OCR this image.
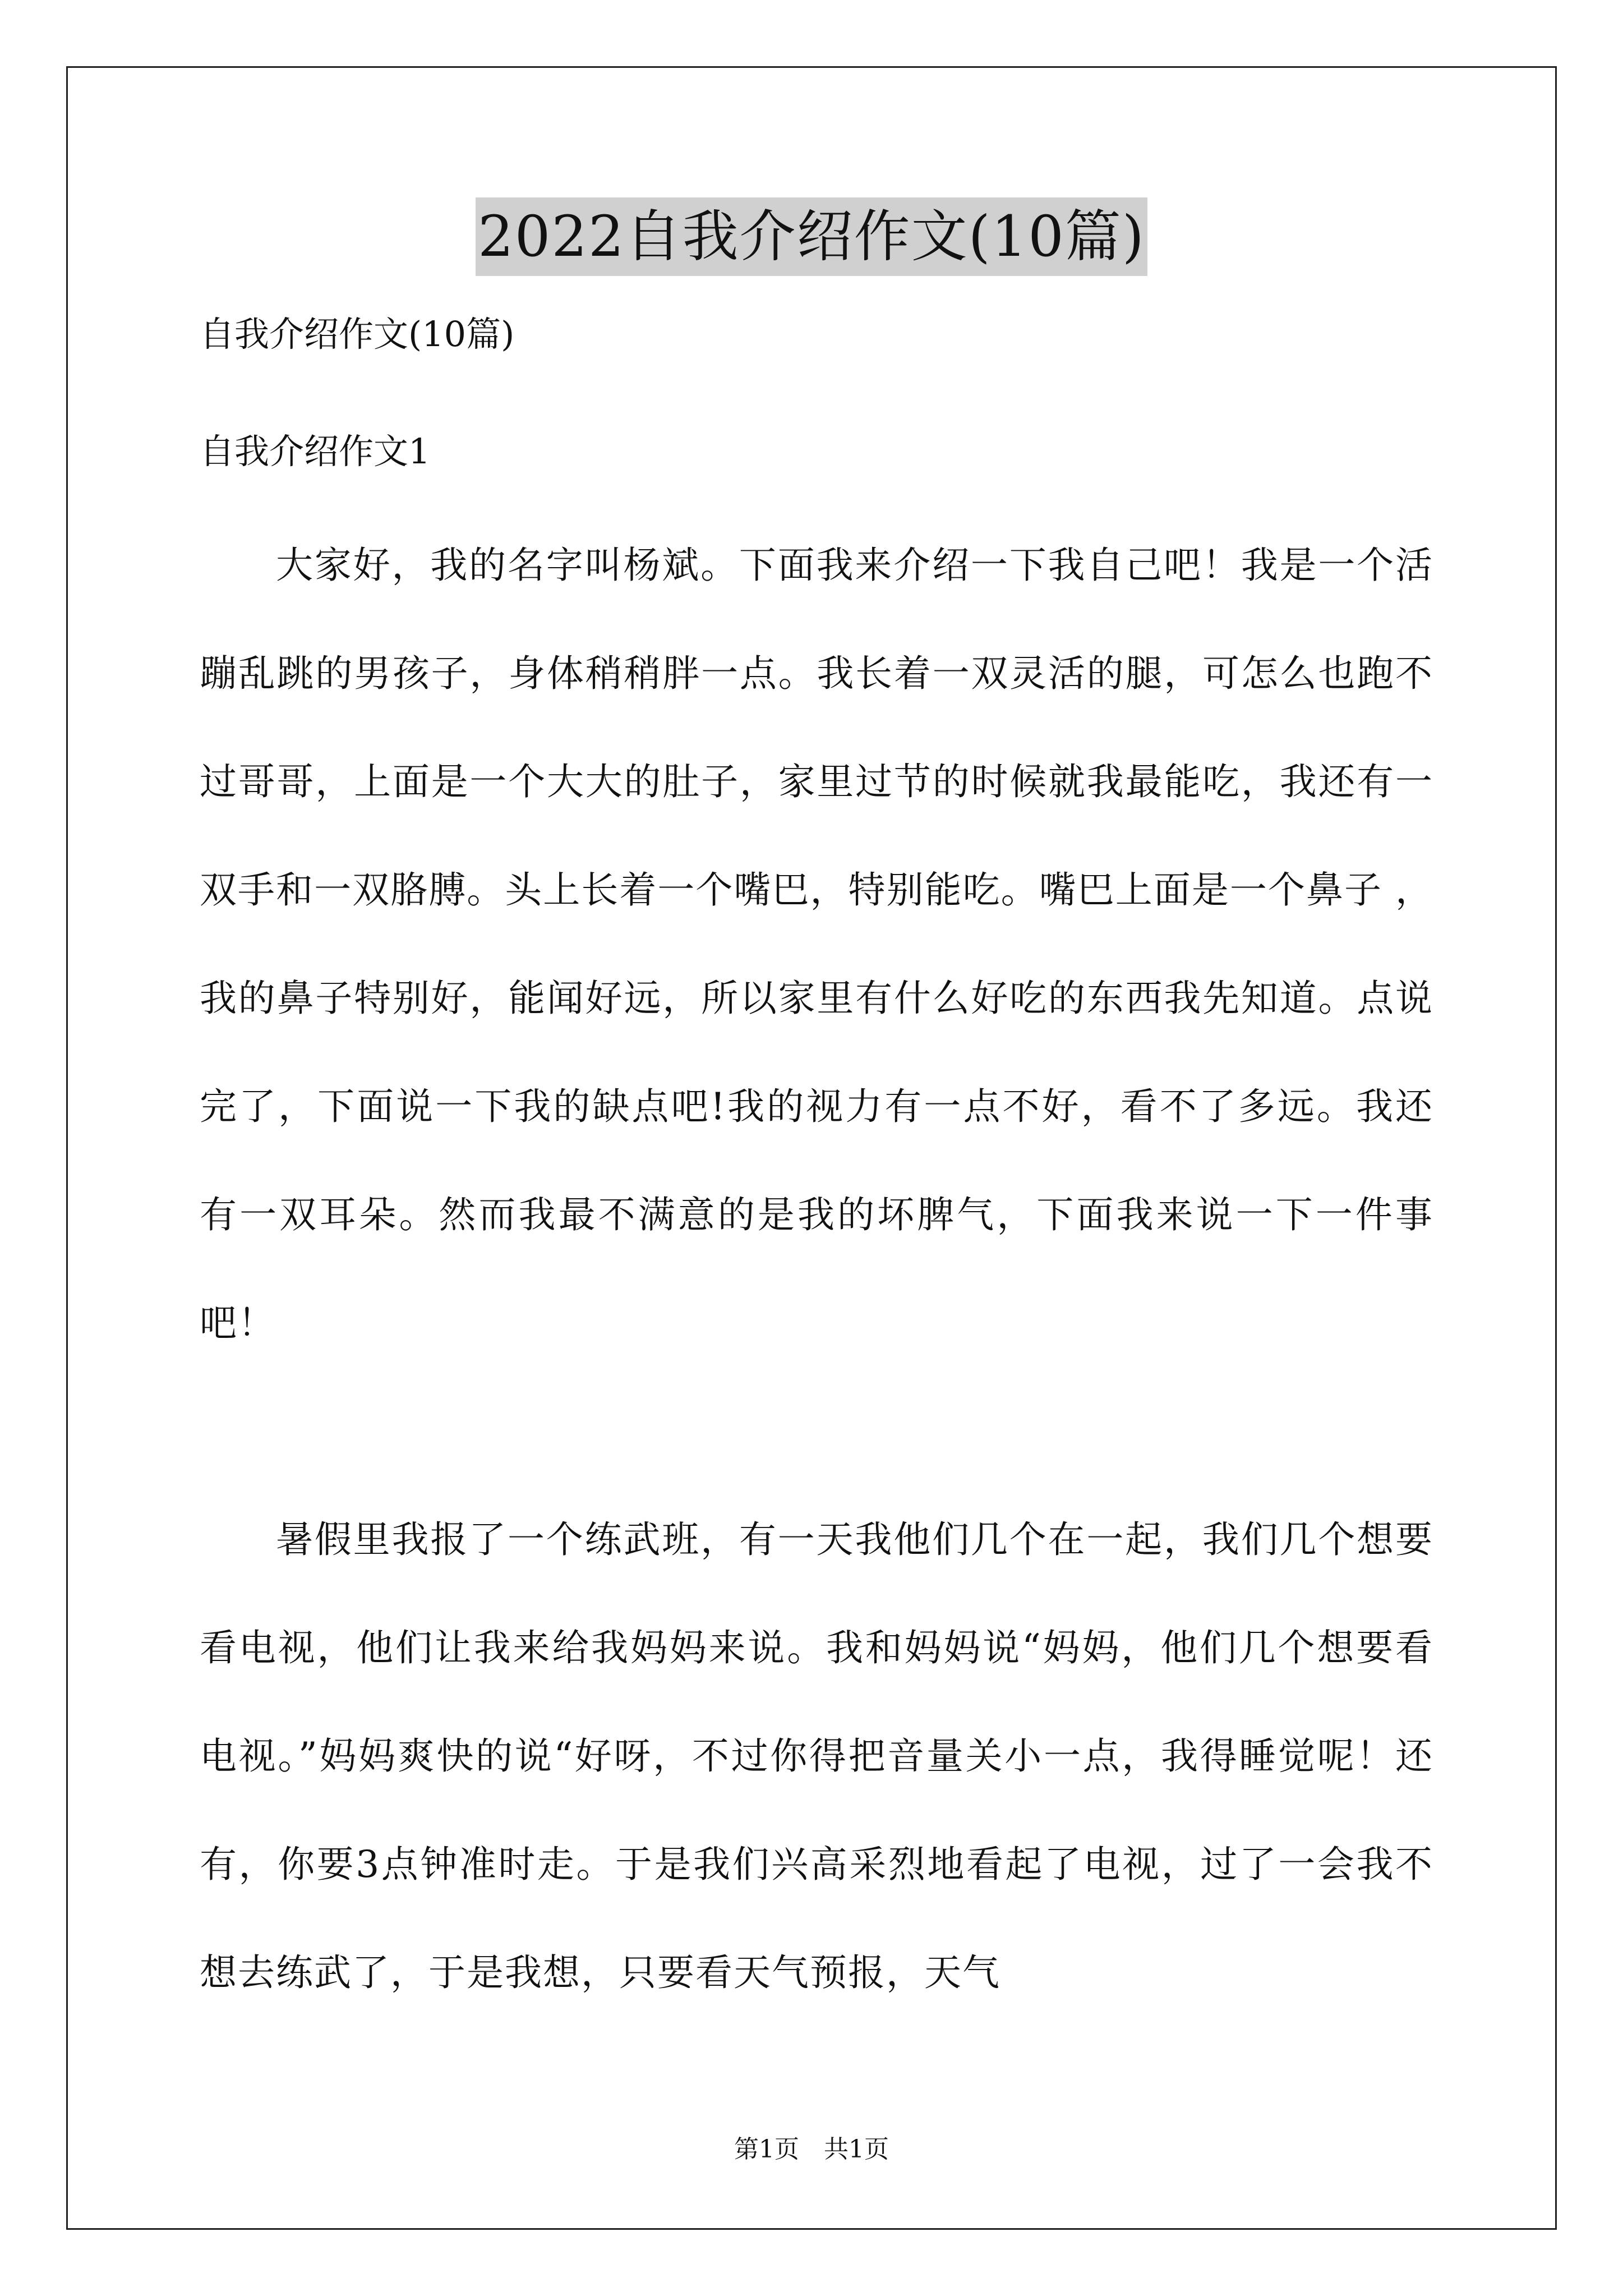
2022自我介绍作文(10篇)
自我介绍作文(10篇)
自我介绍作文1

大家好，我的名字叫杨斌。下面我来介绍一下我自己吧！我是一个活蹦乱跳的男孩子，身体稍稍胖一点。我长着一双灵活的腿，可怎么也跑不过哥哥，上面是一个大大的肚子，家里过节的时候就我最能吃，我还有一双手和一双胳膊。头上长着一个嘴巴，特别能吃。嘴巴上面是一个鼻子 ，我的鼻子特别好，能闻好远，所以家里有什么好吃的东西我先知道。点说完了，下面说一下我的缺点吧!我的视力有一点不好，看不了多远。我还有一双耳朵。然而我最不满意的是我的坏脾气，下面我来说一下一件事吧！

暑假里我报了一个练武班，有一天我他们几个在一起，我们几个想要看电视，他们让我来给我妈妈来说。我和妈妈说“妈妈，他们几个想要看电视。”妈妈爽快的说“好呀，不过你得把音量关小一点，我得睡觉呢！还有，你要3点钟准时走。于是我们兴高采烈地看起了电视，过了一会我不想去练武了，于是我想，只要看天气预报，天气

第1页 共1页
